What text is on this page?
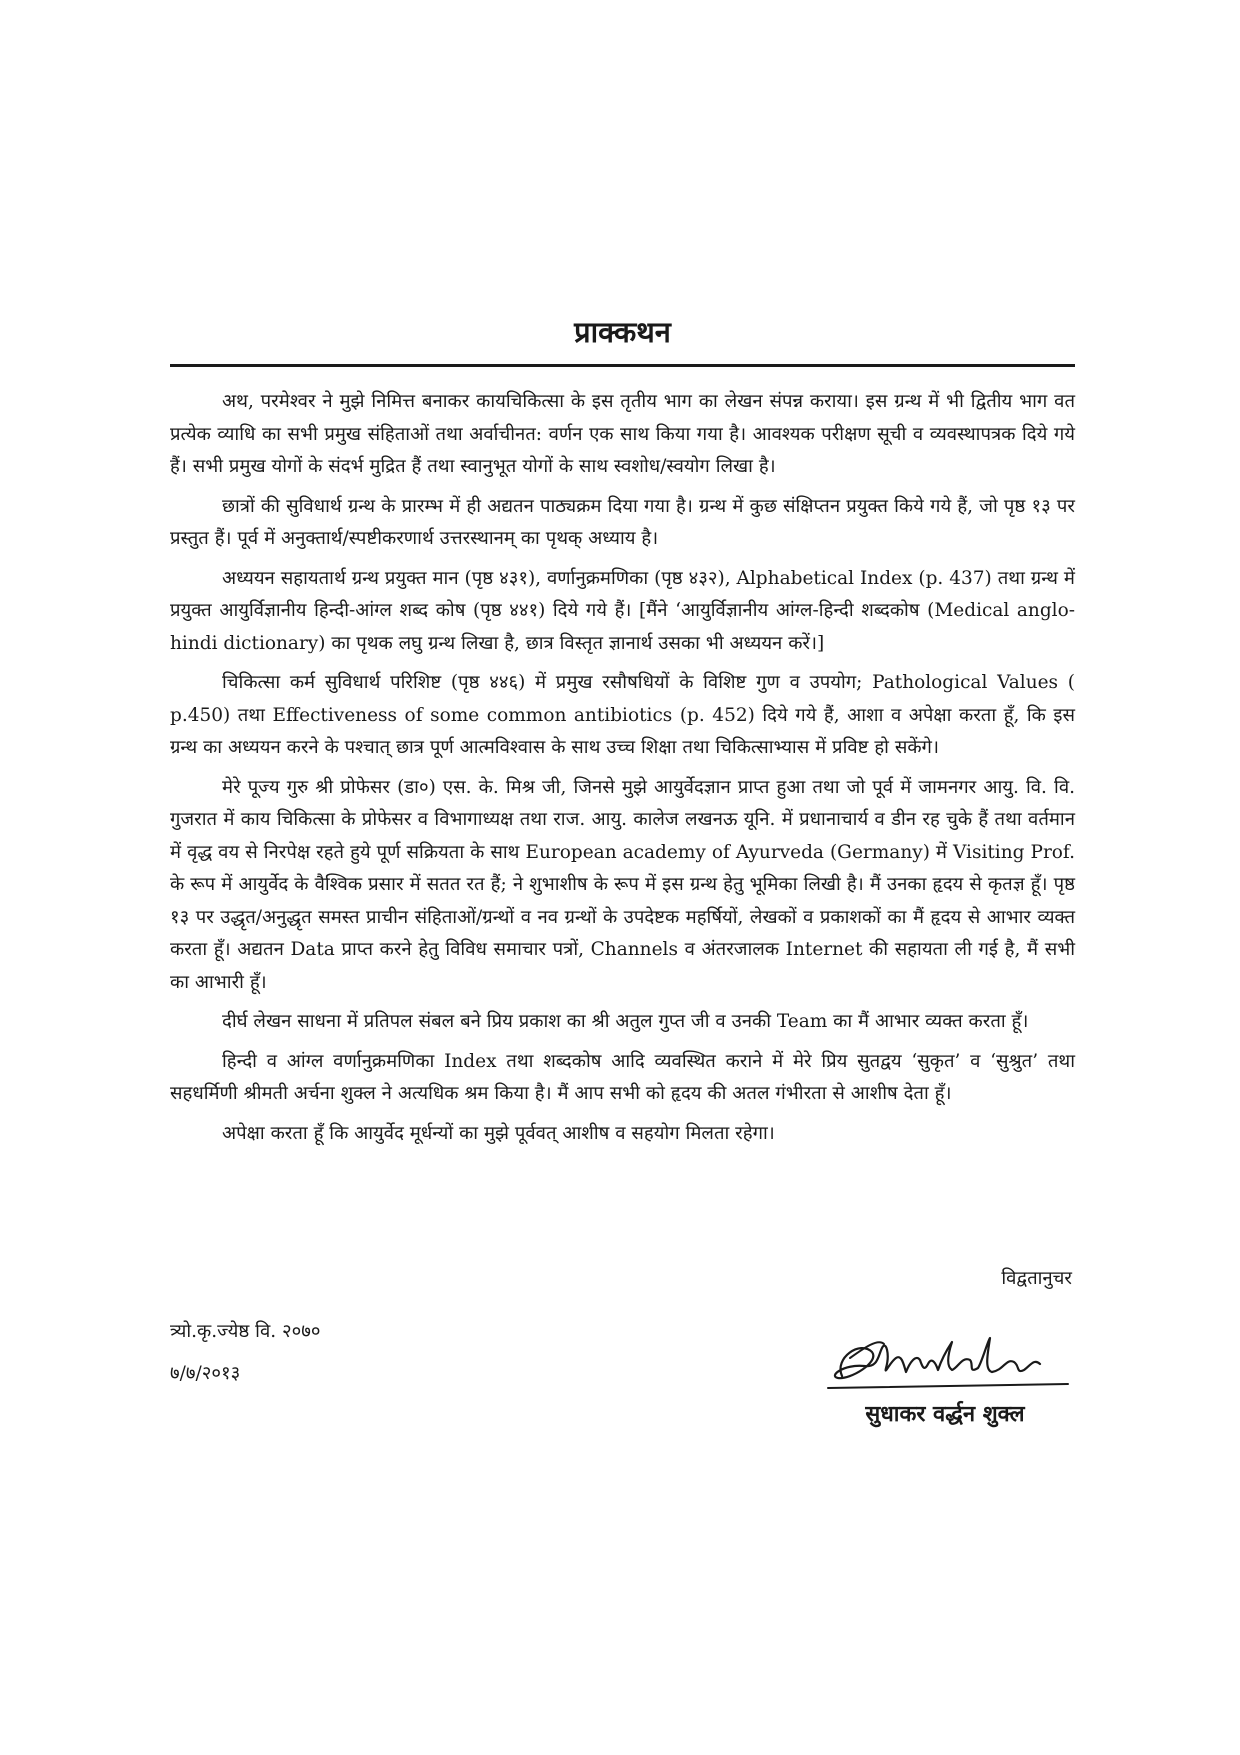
प्राक्कथन

अथ, परमेश्वर ने मुझे निमित्त बनाकर कायचिकित्सा के इस तृतीय भाग का लेखन संपन्न कराया। इस ग्रन्थ में भी द्वितीय भाग वत प्रत्येक व्याधि का सभी प्रमुख संहिताओं तथा अर्वाचीनत: वर्णन एक साथ किया गया है। आवश्यक परीक्षण सूची व व्यवस्थापत्रक दिये गये हैं। सभी प्रमुख योगों के संदर्भ मुद्रित हैं तथा स्वानुभूत योगों के साथ स्वशोध/स्वयोग लिखा है।

छात्रों की सुविधार्थ ग्रन्थ के प्रारम्भ में ही अद्यतन पाठ्यक्रम दिया गया है। ग्रन्थ में कुछ संक्षिप्तन प्रयुक्त किये गये हैं, जो पृष्ठ १३ पर प्रस्तुत हैं। पूर्व में अनुक्तार्थ/स्पष्टीकरणार्थ उत्तरस्थानम् का पृथक् अध्याय है।

अध्ययन सहायतार्थ ग्रन्थ प्रयुक्त मान (पृष्ठ ४३१), वर्णानुक्रमणिका (पृष्ठ ४३२), Alphabetical Index (p. 437) तथा ग्रन्थ में प्रयुक्त आयुर्विज्ञानीय हिन्दी-आंग्ल शब्द कोष (पृष्ठ ४४१) दिये गये हैं। [मैंने ‘आयुर्विज्ञानीय आंग्ल-हिन्दी शब्दकोष (Medical anglo-hindi dictionary) का पृथक लघु ग्रन्थ लिखा है, छात्र विस्तृत ज्ञानार्थ उसका भी अध्ययन करें।]

चिकित्सा कर्म सुविधार्थ परिशिष्ट (पृष्ठ ४४६) में प्रमुख रसौषधियों के विशिष्ट गुण व उपयोग; Pathological Values ( p.450) तथा Effectiveness of some common antibiotics (p. 452) दिये गये हैं, आशा व अपेक्षा करता हूँ, कि इस ग्रन्थ का अध्ययन करने के पश्चात् छात्र पूर्ण आत्मविश्वास के साथ उच्च शिक्षा तथा चिकित्साभ्यास में प्रविष्ट हो सकेंगे।

मेरे पूज्य गुरु श्री प्रोफेसर (डा०) एस. के. मिश्र जी, जिनसे मुझे आयुर्वेदज्ञान प्राप्त हुआ तथा जो पूर्व में जामनगर आयु. वि. वि. गुजरात में काय चिकित्सा के प्रोफेसर व विभागाध्यक्ष तथा राज. आयु. कालेज लखनऊ यूनि. में प्रधानाचार्य व डीन रह चुके हैं तथा वर्तमान में वृद्ध वय से निरपेक्ष रहते हुये पूर्ण सक्रियता के साथ European academy of Ayurveda (Germany) में Visiting Prof. के रूप में आयुर्वेद के वैश्विक प्रसार में सतत रत हैं; ने शुभाशीष के रूप में इस ग्रन्थ हेतु भूमिका लिखी है। मैं उनका हृदय से कृतज्ञ हूँ। पृष्ठ १३ पर उद्धृत/अनुद्धृत समस्त प्राचीन संहिताओं/ग्रन्थों व नव ग्रन्थों के उपदेष्टक महर्षियों, लेखकों व प्रकाशकों का मैं हृदय से आभार व्यक्त करता हूँ। अद्यतन Data प्राप्त करने हेतु विविध समाचार पत्रों, Channels व अंतरजालक Internet की सहायता ली गई है, मैं सभी का आभारी हूँ।

दीर्घ लेखन साधना में प्रतिपल संबल बने प्रिय प्रकाश का श्री अतुल गुप्त जी व उनकी Team का मैं आभार व्यक्त करता हूँ।

हिन्दी व आंग्ल वर्णानुक्रमणिका Index तथा शब्दकोष आदि व्यवस्थित कराने में मेरे प्रिय सुतद्वय ‘सुकृत’ व ‘सुश्रुत’ तथा सहधर्मिणी श्रीमती अर्चना शुक्ल ने अत्यधिक श्रम किया है। मैं आप सभी को हृदय की अतल गंभीरता से आशीष देता हूँ।

अपेक्षा करता हूँ कि आयुर्वेद मूर्धन्यों का मुझे पूर्ववत् आशीष व सहयोग मिलता रहेगा।

विद्वतानुचर
त्र्यो.कृ.ज्येष्ठ वि. २०७०
७/७/२०१३
सुधाकर वर्द्धन शुक्ल
